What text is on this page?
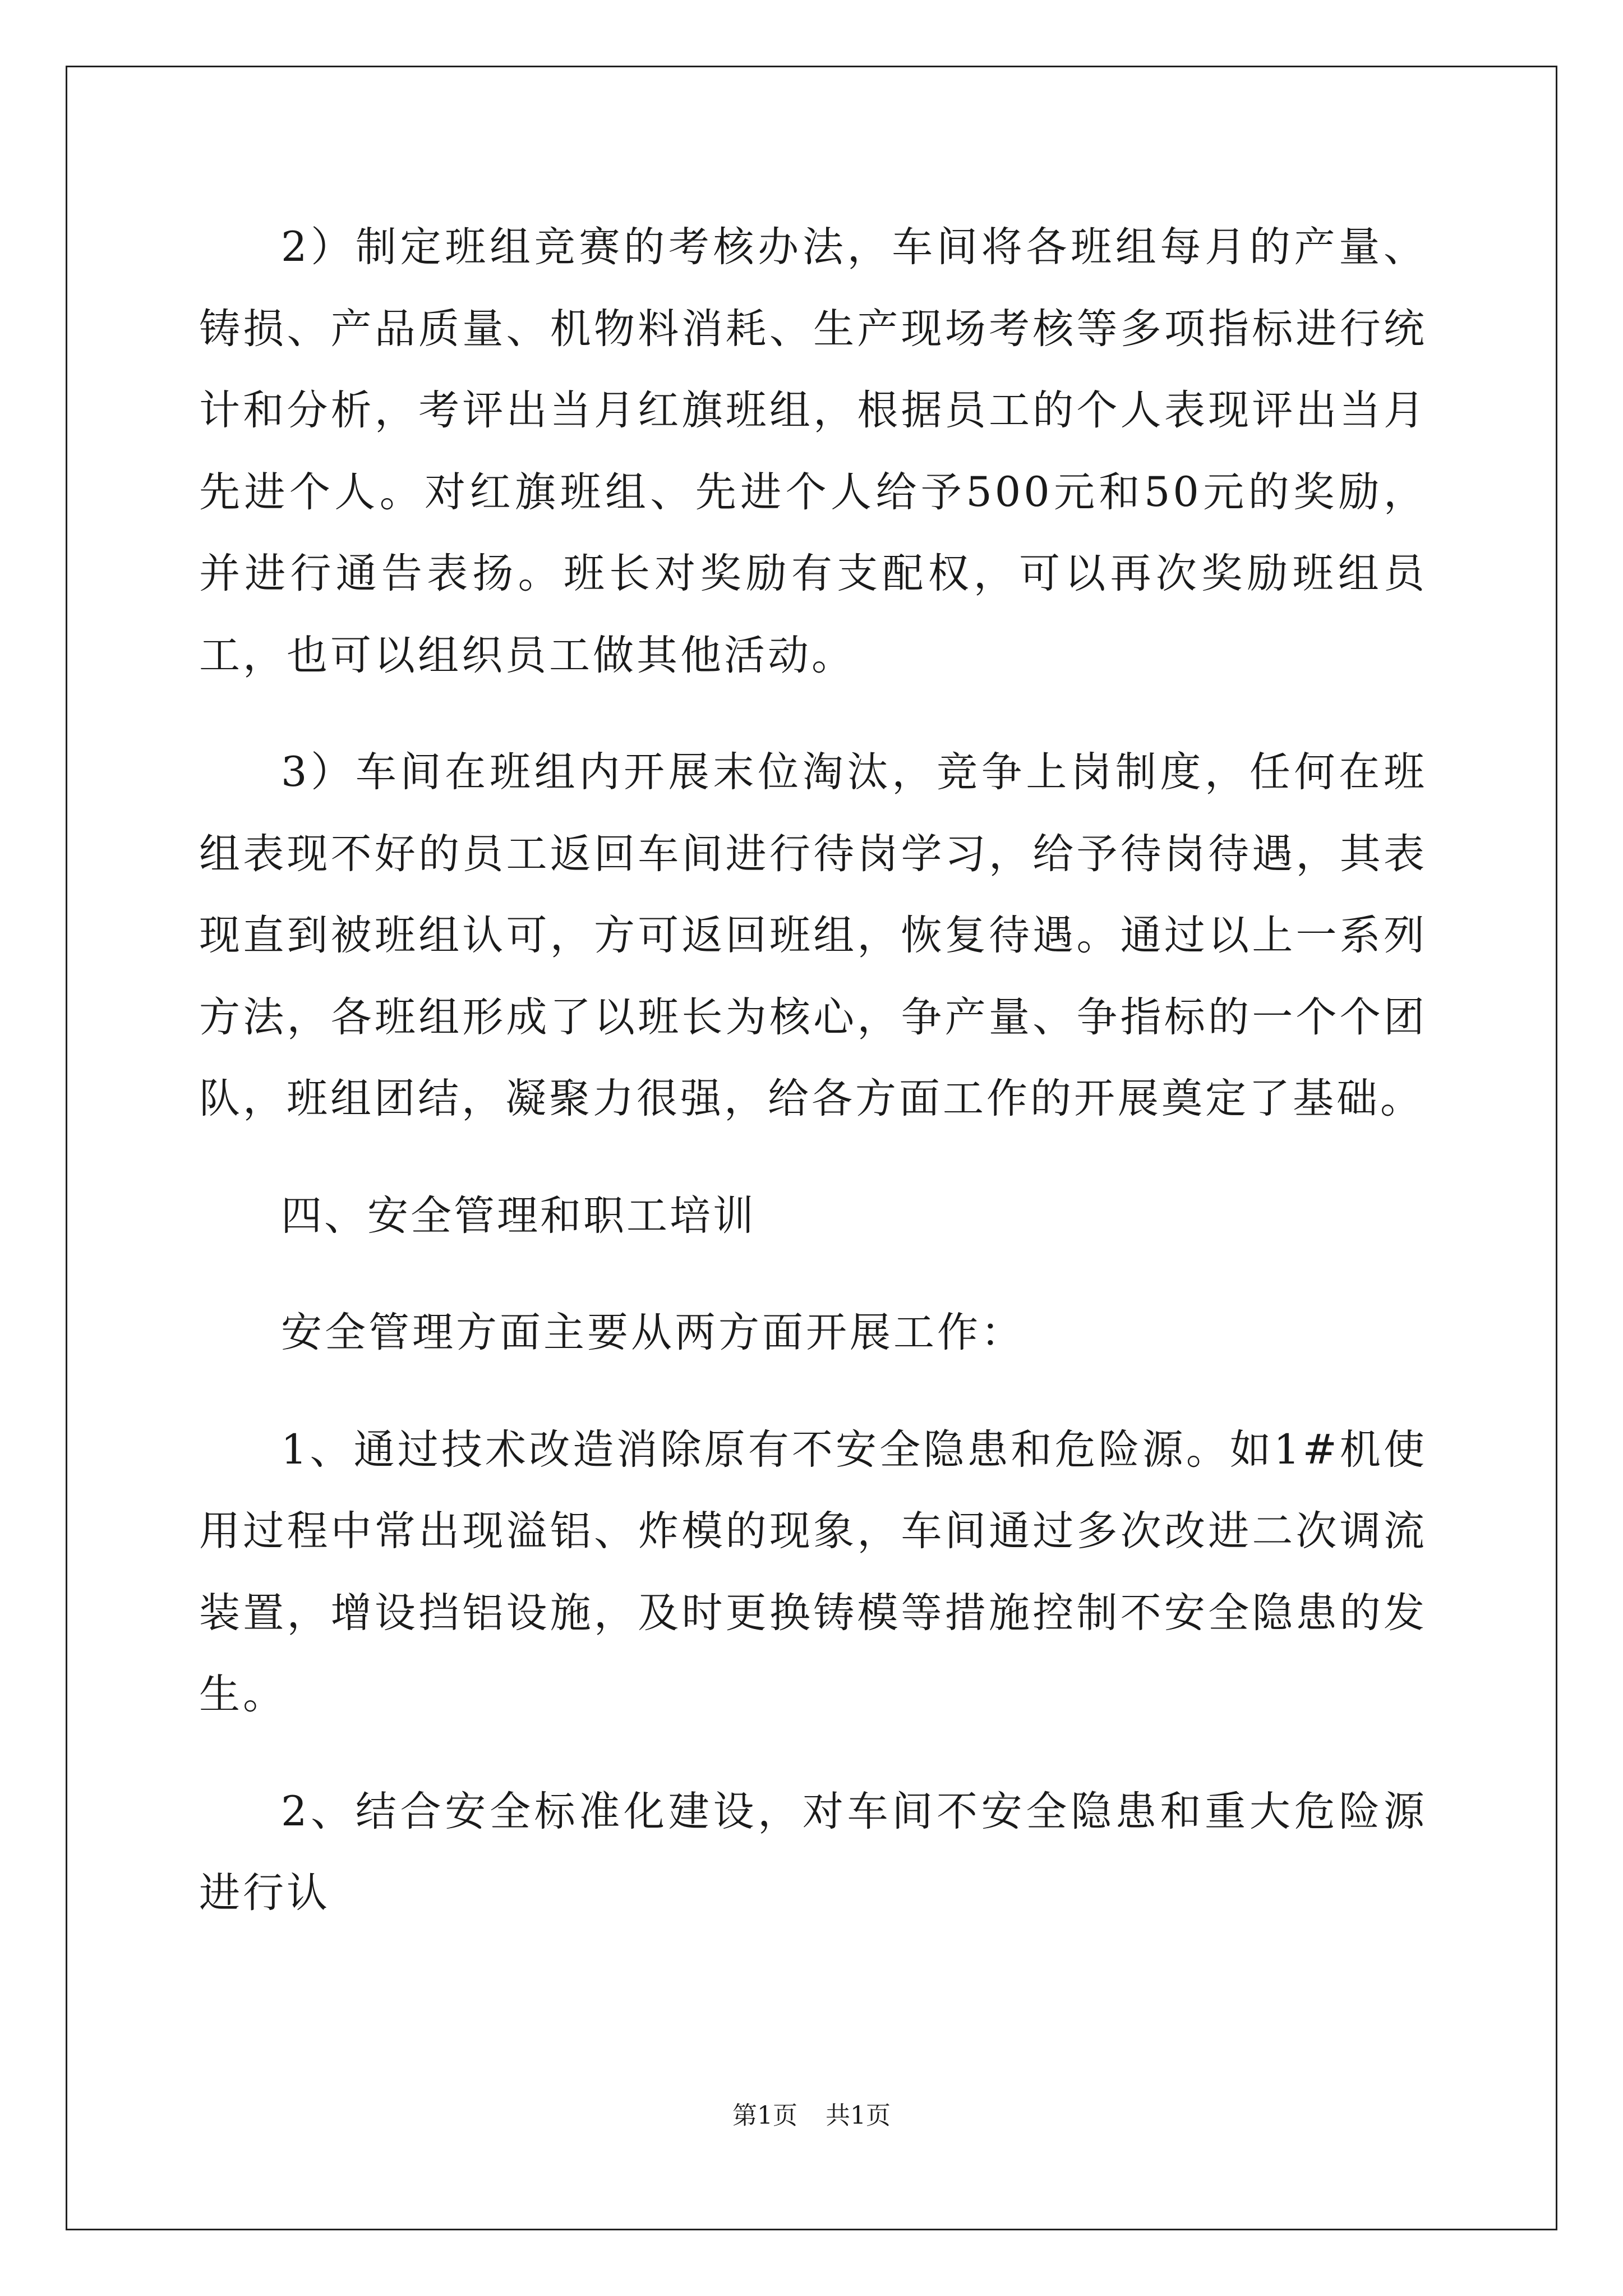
2）制定班组竞赛的考核办法，车间将各班组每月的产量、铸损、产品质量、机物料消耗、生产现场考核等多项指标进行统计和分析，考评出当月红旗班组，根据员工的个人表现评出当月先进个人。对红旗班组、先进个人给予500元和50元的奖励，并进行通告表扬。班长对奖励有支配权，可以再次奖励班组员工，也可以组织员工做其他活动。

3）车间在班组内开展末位淘汰，竞争上岗制度，任何在班组表现不好的员工返回车间进行待岗学习，给予待岗待遇，其表现直到被班组认可，方可返回班组，恢复待遇。通过以上一系列方法，各班组形成了以班长为核心，争产量、争指标的一个个团队，班组团结，凝聚力很强，给各方面工作的开展奠定了基础。

四、安全管理和职工培训

安全管理方面主要从两方面开展工作：

1、通过技术改造消除原有不安全隐患和危险源。如1#机使用过程中常出现溢铝、炸模的现象，车间通过多次改进二次调流装置，增设挡铝设施，及时更换铸模等措施控制不安全隐患的发生。

2、结合安全标准化建设，对车间不安全隐患和重大危险源进行认

第1页 共1页
